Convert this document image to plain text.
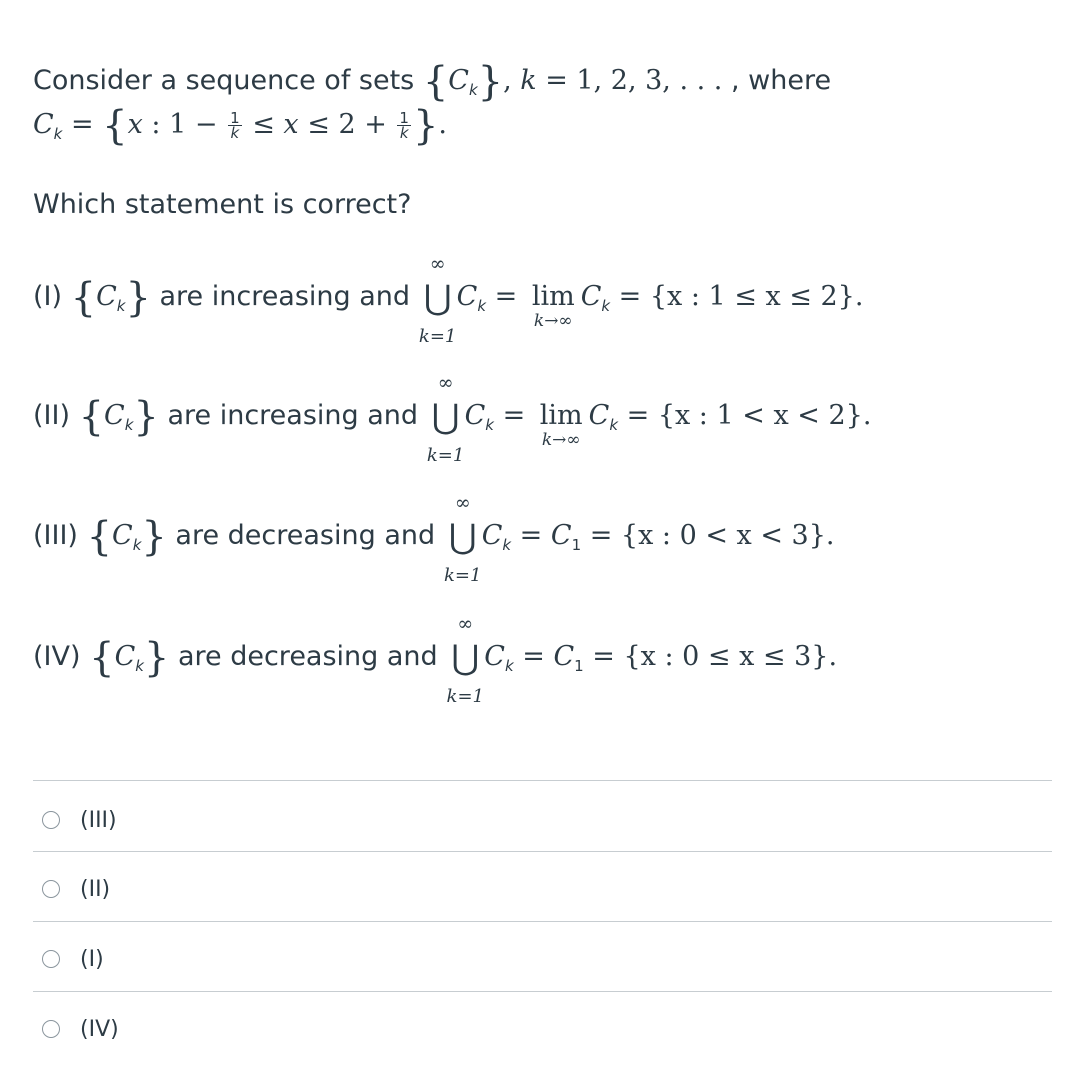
Consider a sequence of sets $\{C_k\}$, k = 1, 2, 3, . . . , where
$C_k = \{x$ : $1 - \frac{1}{k} \le x \le 2 + \frac{1}{k}$ }.
Which statement is correct?
(I) $\{C_k\}$ are increasing and
∞
⋃
k=1
$C_k = \lim$
k→∞
$C_k = \{x$ : 1 ≤ x ≤ 2}.
(II) $\{C_k\}$ are increasing and
∞
⋃
k=1
$C_k = \lim$
k→∞
$C_k = \{x$ : 1 < x < 2}.
(III) $\{C_k\}$ are decreasing and
∞
⋃
k=1
$C_k = C_1 = \{x$ : 0 < x < 3}.
(IV) $\{C_k\}$ are decreasing and
∞
⋃
k=1
$C_k = C_1 = \{x$ : 0 ≤ x ≤ 3}.
(III)
(II)
(I)
(IV)
